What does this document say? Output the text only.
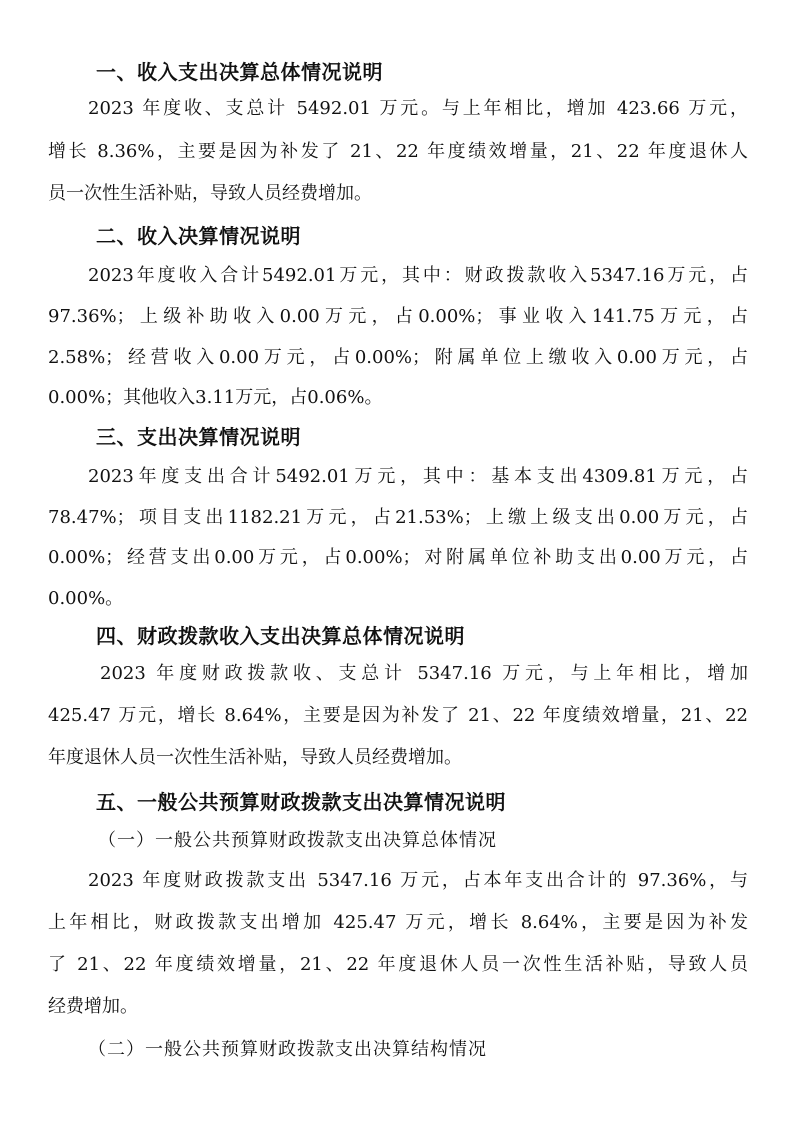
一、收入支出决算总体情况说明
2023 年度收、支总计 5492.01 万元。与上年相比，增加 423.66 万元，
增长 8.36%，主要是因为补发了 21、22 年度绩效增量，21、22 年度退休人
员一次性生活补贴，导致人员经费增加。
二、收入决算情况说明
2023年度收入合计5492.01万元，其中：财政拨款收入5347.16万元，占
97.36%；上级补助收入0.00万元，占0.00%；事业收入141.75万元，占
2.58%；经营收入0.00万元，占0.00%；附属单位上缴收入0.00万元，占
0.00%；其他收入3.11万元，占0.06%。
三、支出决算情况说明
2023年度支出合计5492.01万元，其中：基本支出4309.81万元，占
78.47%；项目支出1182.21万元，占21.53%；上缴上级支出0.00万元，占
0.00%；经营支出0.00万元，占0.00%；对附属单位补助支出0.00万元，占
0.00%。
四、财政拨款收入支出决算总体情况说明
2023 年度财政拨款收、支总计 5347.16 万元，与上年相比，增加
425.47 万元，增长 8.64%，主要是因为补发了 21、22 年度绩效增量，21、22
年度退休人员一次性生活补贴，导致人员经费增加。
五、一般公共预算财政拨款支出决算情况说明
（一）一般公共预算财政拨款支出决算总体情况
2023 年度财政拨款支出 5347.16 万元，占本年支出合计的 97.36%，与
上年相比，财政拨款支出增加 425.47 万元，增长 8.64%，主要是因为补发
了 21、22 年度绩效增量，21、22 年度退休人员一次性生活补贴，导致人员
经费增加。
（二）一般公共预算财政拨款支出决算结构情况
